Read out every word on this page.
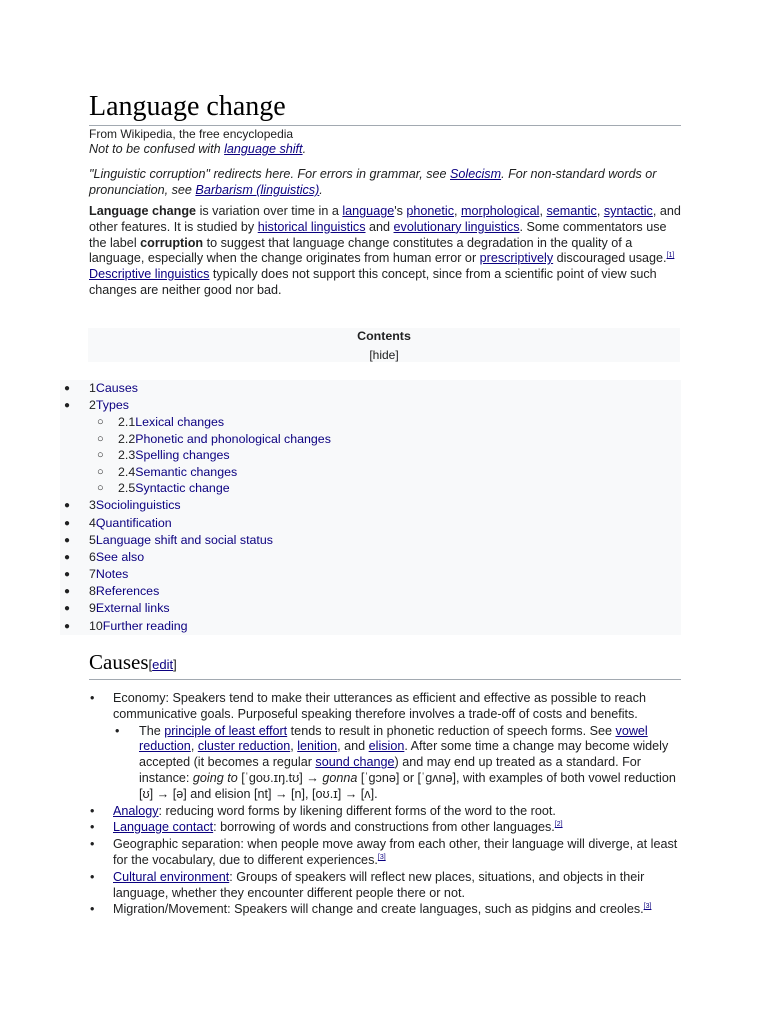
Language change
From Wikipedia, the free encyclopedia
Not to be confused with language shift.
"Linguistic corruption" redirects here. For errors in grammar, see Solecism. For non-standard words or pronunciation, see Barbarism (linguistics).

Language change is variation over time in a language's phonetic, morphological, semantic, syntactic, and other features. It is studied by historical linguistics and evolutionary linguistics. Some commentators use the label corruption to suggest that language change constitutes a degradation in the quality of a language, especially when the change originates from human error or prescriptively discouraged usage.[1] Descriptive linguistics typically does not support this concept, since from a scientific point of view such changes are neither good nor bad.

Contents
[hide]
● 1Causes
● 2Types
○ 2.1Lexical changes
○ 2.2Phonetic and phonological changes
○ 2.3Spelling changes
○ 2.4Semantic changes
○ 2.5Syntactic change
● 3Sociolinguistics
● 4Quantification
● 5Language shift and social status
● 6See also
● 7Notes
● 8References
● 9External links
● 10Further reading
Causes[edit]
• Economy: Speakers tend to make their utterances as efficient and effective as possible to reach communicative goals. Purposeful speaking therefore involves a trade-off of costs and benefits.
• The principle of least effort tends to result in phonetic reduction of speech forms. See vowel reduction, cluster reduction, lenition, and elision. After some time a change may become widely accepted (it becomes a regular sound change) and may end up treated as a standard. For instance: going to [ˈɡoʊ.ɪŋ.tʊ] → gonna [ˈɡɔnə] or [ˈɡʌnə], with examples of both vowel reduction [ʊ] → [ə] and elision [nt] → [n], [oʊ.ɪ] → [ʌ].
• Analogy: reducing word forms by likening different forms of the word to the root.
• Language contact: borrowing of words and constructions from other languages.[2]
• Geographic separation: when people move away from each other, their language will diverge, at least for the vocabulary, due to different experiences.[3]
• Cultural environment: Groups of speakers will reflect new places, situations, and objects in their language, whether they encounter different people there or not.
• Migration/Movement: Speakers will change and create languages, such as pidgins and creoles.[3]
